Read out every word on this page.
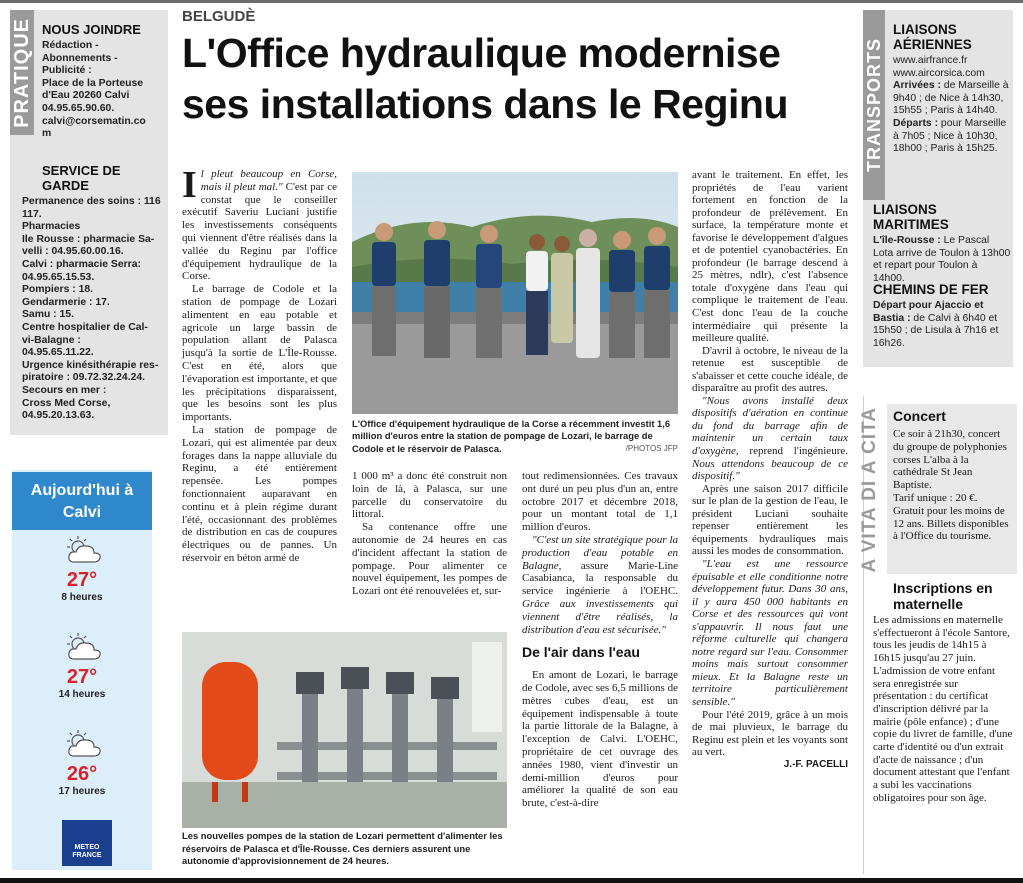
PRATIQUE NOUS JOINDRE
Rédaction -
Abonnements -
Publicité :
Place de la Porteuse
d'Eau 20260 Calvi
04.95.65.90.60.
calvi@corsematin.co
m
SERVICE DE GARDE
Permanence des soins : 116
117.
Pharmacies
Ile Rousse : pharmacie Sa-
velli : 04.95.60.00.16.
Calvi : pharmacie Serra:
04.95.65.15.53.
Pompiers : 18.
Gendarmerie : 17.
Samu : 15.
Centre hospitalier de Cal-
vi-Balagne :
04.95.65.11.22.
Urgence kinésithérapie res-
piratoire : 09.72.32.24.24.
Secours en mer :
Cross Med Corse,
04.95.20.13.63.
Aujourd'hui à Calvi
27°
8 heures
27°
14 heures
26°
17 heures
METEO FRANCE
BELGUDÈ
L'Office hydraulique modernise ses installations dans le Reginu

Il pleut beaucoup en Corse, mais il pleut mal." C'est par ce constat que le conseiller exécutif Saveriu Luciani justifie les investissements conséquents qui viennent d'être réalisés dans la vallée du Reginu par l'office d'équipement hydraulique de la Corse.

Le barrage de Codole et la station de pompage de Lozari alimentent en eau potable et agricole un large bassin de population allant de Palasca jusqu'à la sortie de L'Île-Rousse. C'est en été, alors que l'évaporation est importante, et que les précipitations disparaissent, que les besoins sont les plus importants.

La station de pompage de Lozari, qui est alimentée par deux forages dans la nappe alluviale du Reginu, a été entièrement repensée. Les pompes fonctionnaient auparavant en continu et à plein régime durant l'été, occasionnant des problèmes de distribution en cas de coupures électriques ou de pannes. Un réservoir en béton armé de

L'Office d'équipement hydraulique de la Corse a récemment investit 1,6 million d'euros entre la station de pompage de Lozari, le barrage de Codole et le réservoir de Palasca.	/PHOTOS JFP

1 000 m³ a donc été construit non loin de là, à Palasca, sur une parcelle du conservatoire du littoral.

Sa contenance offre une autonomie de 24 heures en cas d'incident affectant la station de pompage. Pour alimenter ce nouvel équipement, les pompes de Lozari ont été renouvelées et, sur-

tout redimensionnées. Ces travaux ont duré un peu plus d'un an, entre octobre 2017 et décembre 2018, pour un montant total de 1,1 million d'euros.

"C'est un site stratégique pour la production d'eau potable en Balagne, assure Marie-Line Casabianca, la responsable du service ingénierie à l'OEHC. Grâce aux investissements qui viennent d'être réalisés, la distribution d'eau est sécurisée."

De l'air dans l'eau

En amont de Lozari, le barrage de Codole, avec ses 6,5 millions de mètres cubes d'eau, est un équipement indispensable à toute la partie littorale de la Balagne, à l'exception de Calvi. L'OEHC, propriétaire de cet ouvrage des années 1980, vient d'investir un demi-million d'euros pour améliorer la qualité de son eau brute, c'est-à-dire

Les nouvelles pompes de la station de Lozari permettent d'alimenter les réservoirs de Palasca et d'Île-Rousse. Ces derniers assurent une autonomie d'approvisionnement de 24 heures.

avant le traitement. En effet, les propriétés de l'eau varient fortement en fonction de la profondeur de prélèvement. En surface, la température monte et favorise le développement d'algues et de potentiel cyanobactéries. En profondeur (le barrage descend à 25 mètres, ndlr), c'est l'absence totale d'oxygène dans l'eau qui complique le traitement de l'eau. C'est donc l'eau de la couche intermédiaire qui présente la meilleure qualité.

D'avril à octobre, le niveau de la retenue est susceptible de s'abaisser et cette couche idéale, de disparaître au profit des autres.

"Nous avons installé deux dispositifs d'aération en continue du fond du barrage afin de maintenir un certain taux d'oxygène, reprend l'ingénieure. Nous attendons beaucoup de ce dispositif."

Après une saison 2017 difficile sur le plan de la gestion de l'eau, le président Luciani souhaite repenser entièrement les équipements hydrauliques mais aussi les modes de consommation.

"L'eau est une ressource épuisable et elle conditionne notre développement futur. Dans 30 ans, il y aura 450 000 habitants en Corse et des ressources qui vont s'appauvrir. Il nous faut une réforme culturelle qui changera notre regard sur l'eau. Consommer moins mais surtout consommer mieux. Et la Balagne reste un territoire particulièrement sensible."

Pour l'été 2019, grâce à un mois de mai pluvieux, le barrage du Reginu est plein et les voyants sont au vert.

J.-F. PACELLI
TRANSPORTS
LIAISONS AÉRIENNES
www.airfrance.fr
www.aircorsica.com
Arrivées : de Marseille à 9h40 ; de Nice à 14h30, 15h55 ; Paris à 14h40.
Départs : pour Marseille à 7h05 ; Nice à 10h30, 18h00 ; Paris à 15h25.
LIAISONS MARITIMES
L'île-Rousse : Le Pascal Lota arrive de Toulon à 13h00 et repart pour Toulon à 14h00.
CHEMINS DE FER
Départ pour Ajaccio et Bastia : de Calvi à 6h40 et 15h50 ; de Lisula à 7h16 et 16h26.
A VITA DI A CITA Concert
Ce soir à 21h30, concert du groupe de polyphonies corses L'alba à la cathédrale St Jean Baptiste.
Tarif unique : 20 €. Gratuit pour les moins de 12 ans. Billets disponibles à l'Office du tourisme.
Inscriptions en maternelle
Les admissions en maternelle s'effectueront à l'école Santore, tous les jeudis de 14h15 à 16h15 jusqu'au 27 juin. L'admission de votre enfant sera enregistrée sur présentation : du certificat d'inscription délivré par la mairie (pôle enfance) ; d'une copie du livret de famille, d'une carte d'identité ou d'un extrait d'acte de naissance ; d'un document attestant que l'enfant a subi les vaccinations obligatoires pour son âge.
